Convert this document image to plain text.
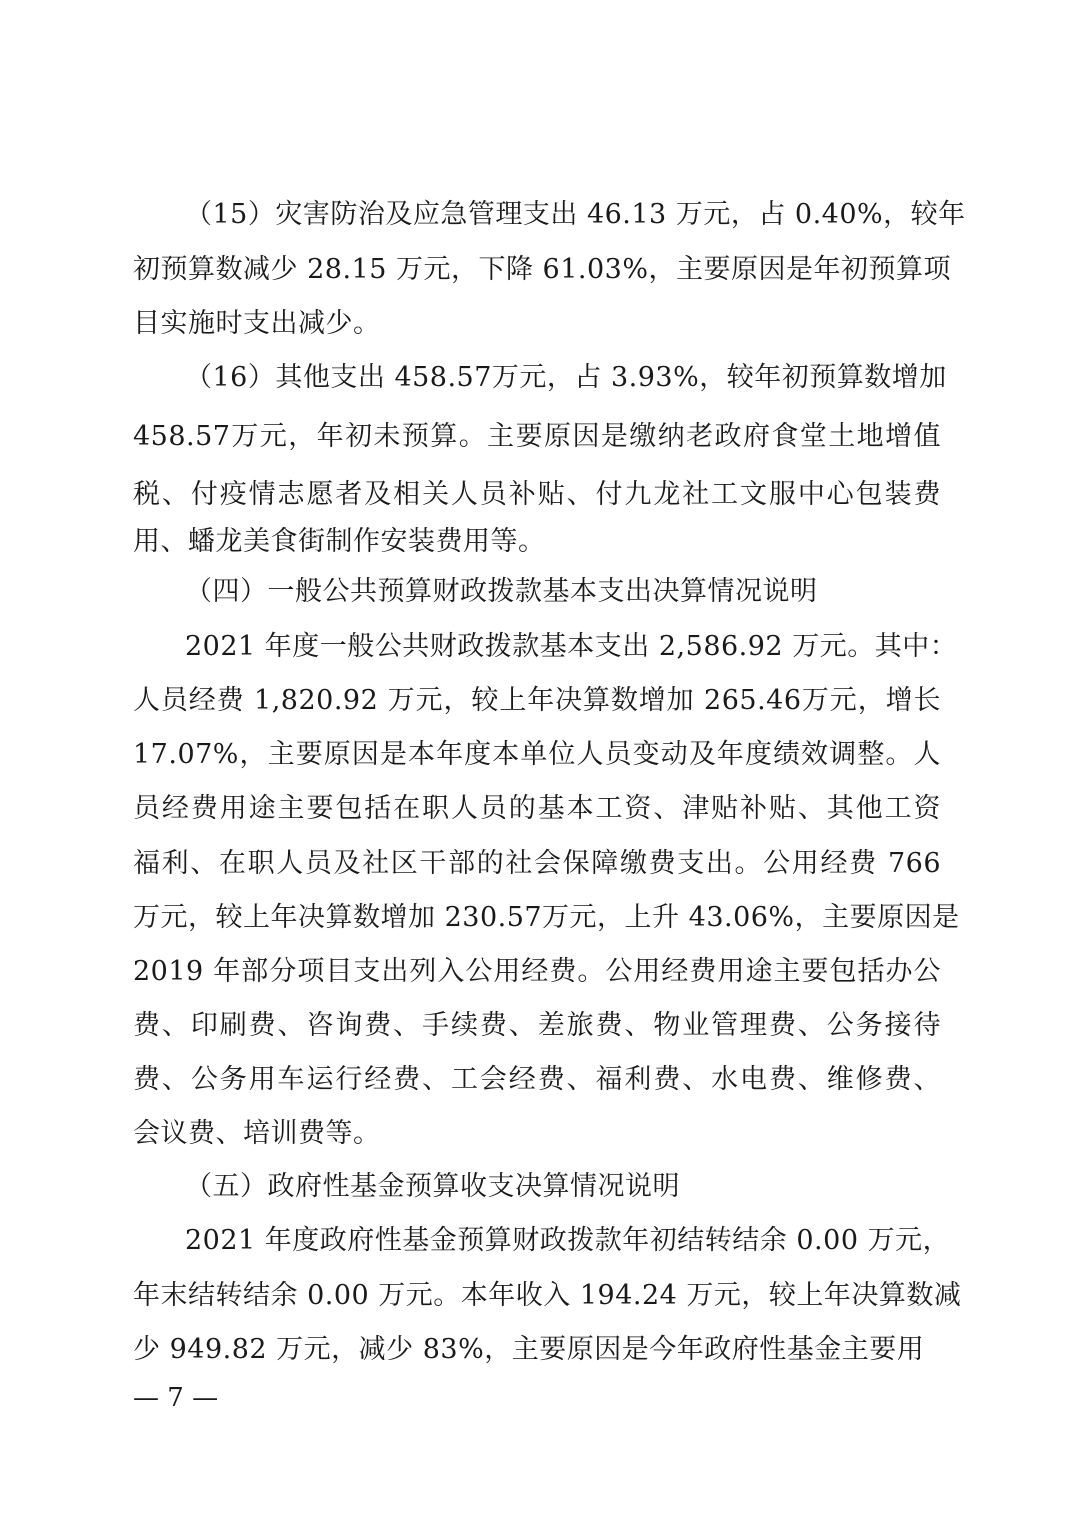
（15）灾害防治及应急管理支出 46.13 万元，占 0.40%，较年
初预算数减少 28.15 万元，下降 61.03%，主要原因是年初预算项
目实施时支出减少。
（16）其他支出 458.57万元，占 3.93%，较年初预算数增加
458.57万元，年初未预算。主要原因是缴纳老政府食堂土地增值
税、付疫情志愿者及相关人员补贴、付九龙社工文服中心包装费
用、蟠龙美食街制作安装费用等。
（四）一般公共预算财政拨款基本支出决算情况说明
2021 年度一般公共财政拨款基本支出 2,586.92 万元。其中：
人员经费 1,820.92 万元，较上年决算数增加 265.46万元，增长
17.07%，主要原因是本年度本单位人员变动及年度绩效调整。人
员经费用途主要包括在职人员的基本工资、津贴补贴、其他工资
福利、在职人员及社区干部的社会保障缴费支出。公用经费 766
万元，较上年决算数增加 230.57万元，上升 43.06%，主要原因是
2019 年部分项目支出列入公用经费。公用经费用途主要包括办公
费、印刷费、咨询费、手续费、差旅费、物业管理费、公务接待
费、公务用车运行经费、工会经费、福利费、水电费、维修费、
会议费、培训费等。
（五）政府性基金预算收支决算情况说明
2021 年度政府性基金预算财政拨款年初结转结余 0.00 万元，
年末结转结余 0.00 万元。本年收入 194.24 万元，较上年决算数减
少 949.82 万元，减少 83%，主要原因是今年政府性基金主要用
— 7 —
